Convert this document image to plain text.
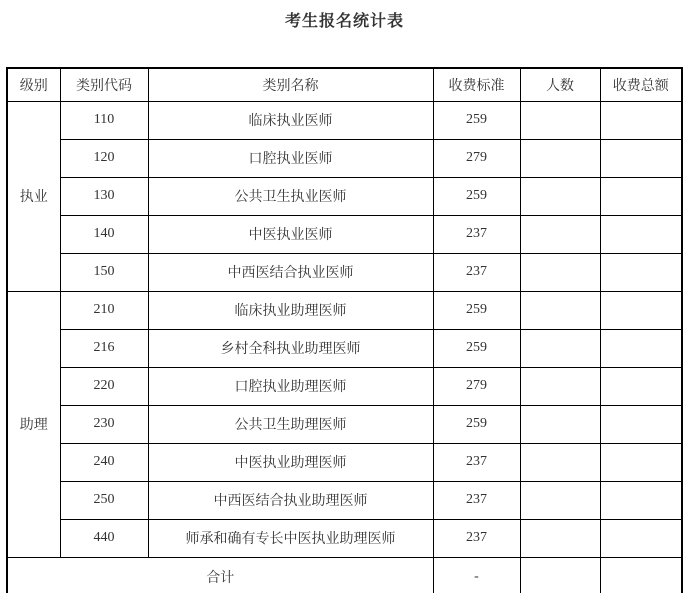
考生报名统计表
级别	类别代码	类别名称	收费标准	人数	收费总额
执业	110	临床执业医师	259		
	120	口腔执业医师	279		
	130	公共卫生执业医师	259		
	140	中医执业医师	237		
	150	中西医结合执业医师	237		
助理	210	临床执业助理医师	259		
	216	乡村全科执业助理医师	259		
	220	口腔执业助理医师	279		
	230	公共卫生助理医师	259		
	240	中医执业助理医师	237		
	250	中西医结合执业助理医师	237		
	440	师承和确有专长中医执业助理医师	237		
合计			-		
